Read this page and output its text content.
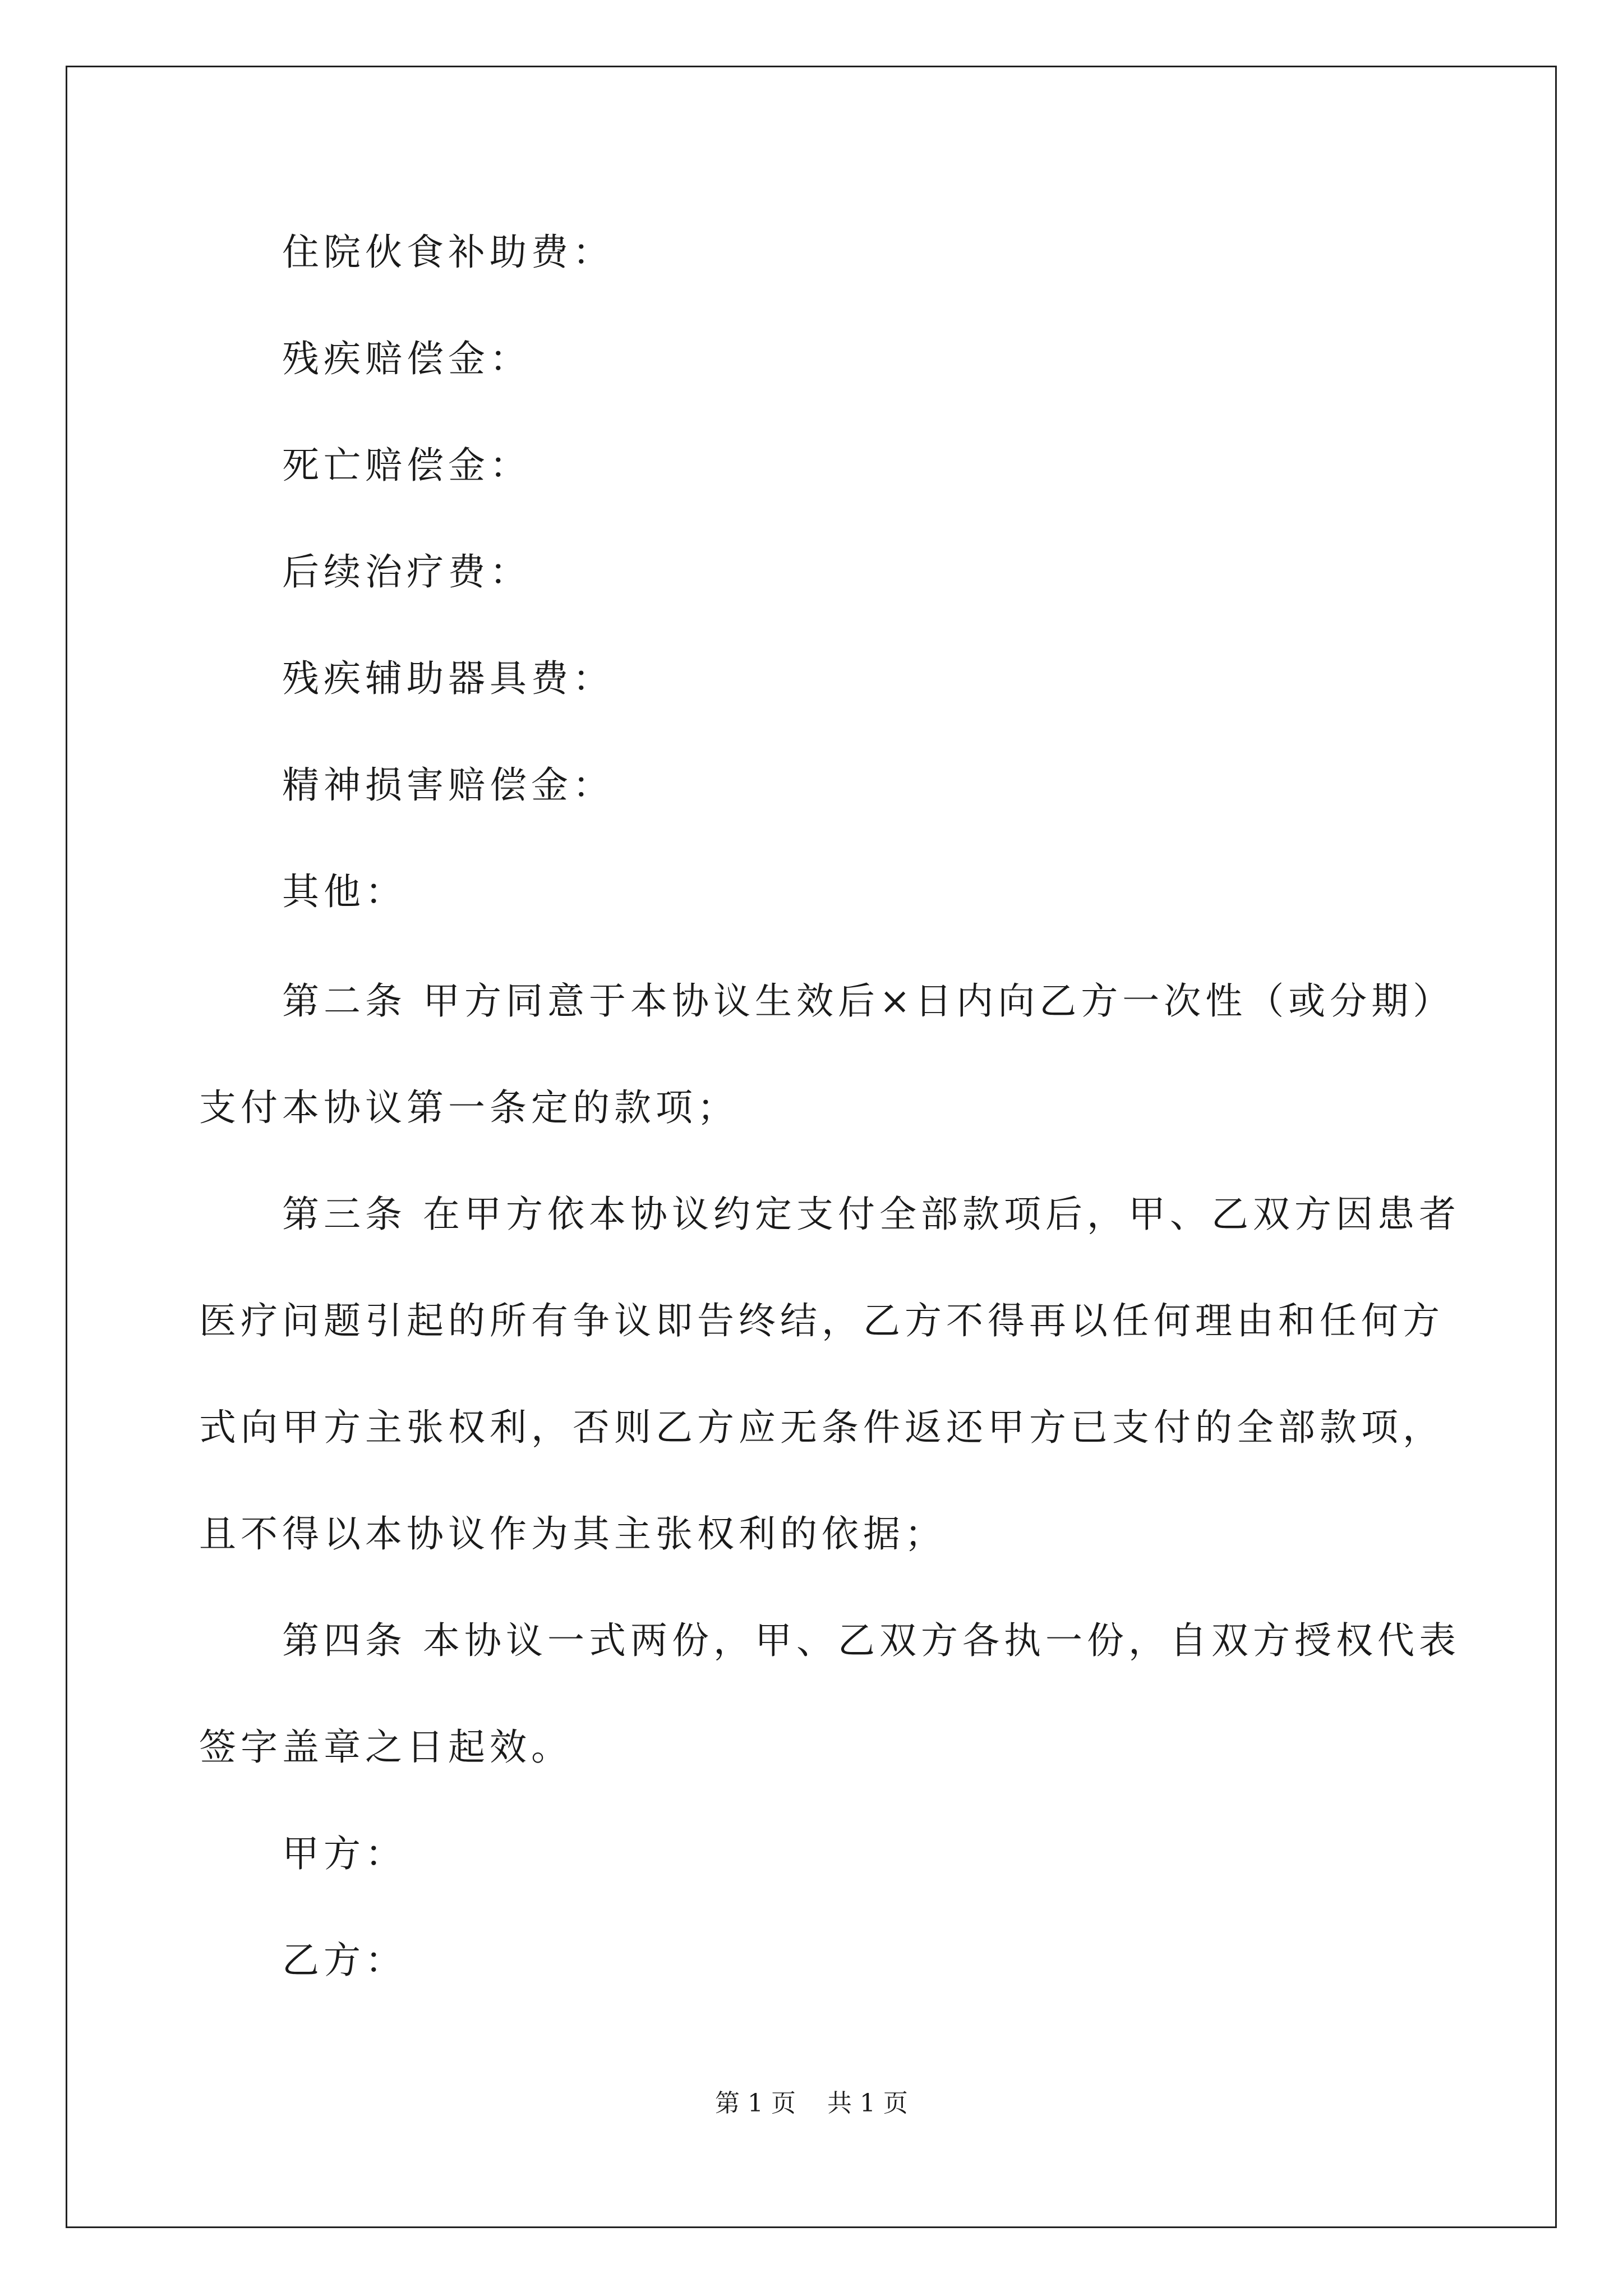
住院伙食补助费：
残疾赔偿金：
死亡赔偿金：
后续治疗费：
残疾辅助器具费：
精神损害赔偿金：
其他：
第二条 甲方同意于本协议生效后×日内向乙方一次性（或分期）
支付本协议第一条定的款项；
第三条 在甲方依本协议约定支付全部款项后，甲、乙双方因患者
医疗问题引起的所有争议即告终结，乙方不得再以任何理由和任何方
式向甲方主张权利，否则乙方应无条件返还甲方已支付的全部款项，
且不得以本协议作为其主张权利的依据；
第四条 本协议一式两份，甲、乙双方各执一份，自双方授权代表
签字盖章之日起效。
甲方：
乙方：
第 1 页    共 1 页
